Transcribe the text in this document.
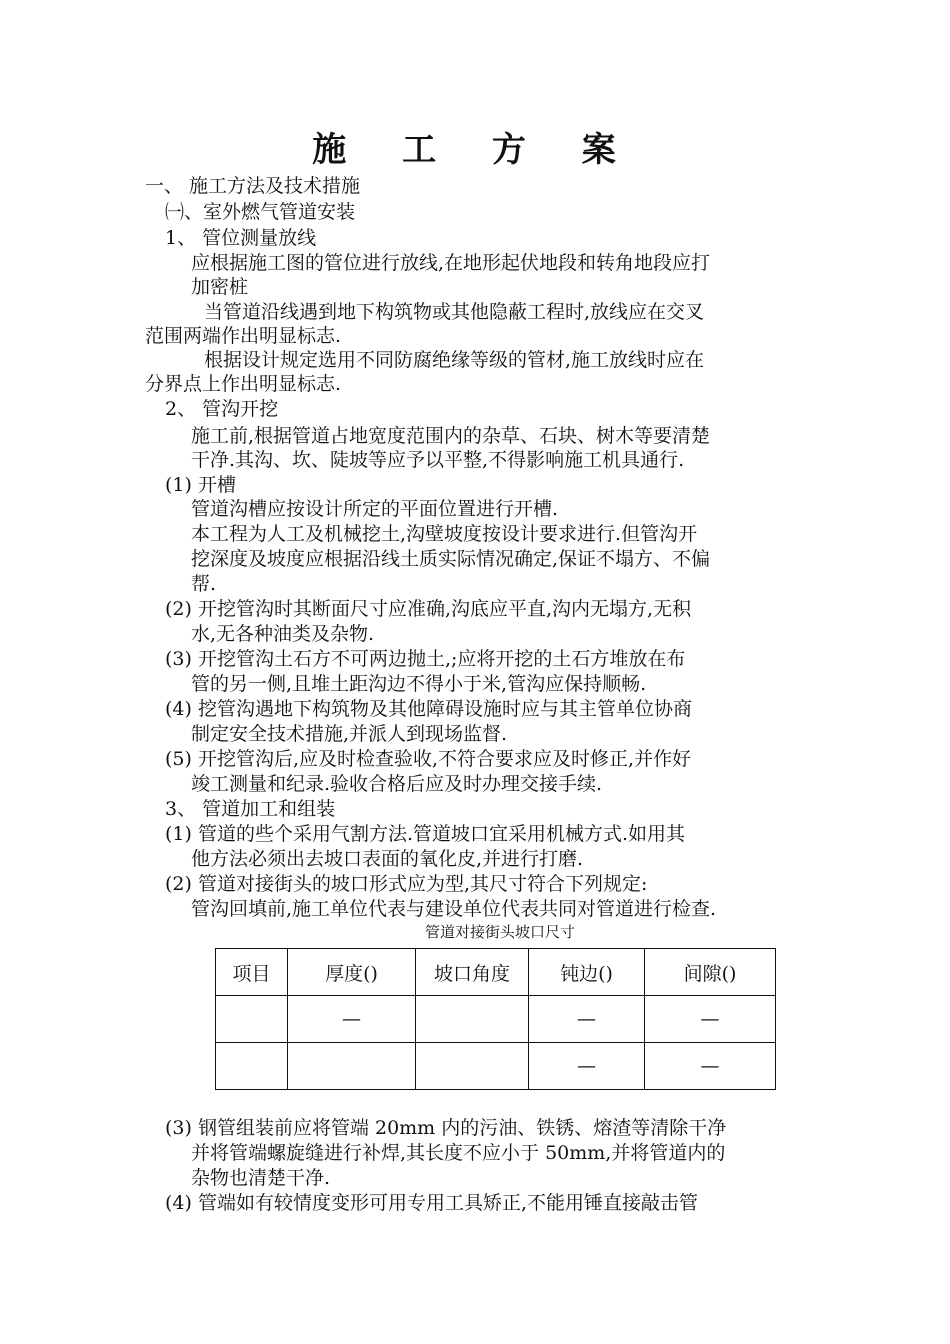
施 工 方 案
一、 施工方法及技术措施
㈠、室外燃气管道安装
1、 管位测量放线
应根据施工图的管位进行放线,在地形起伏地段和转角地段应打
加密桩
当管道沿线遇到地下构筑物或其他隐蔽工程时,放线应在交叉
范围两端作出明显标志.
根据设计规定选用不同防腐绝缘等级的管材,施工放线时应在
分界点上作出明显标志.
2、 管沟开挖
施工前,根据管道占地宽度范围内的杂草、石块、树木等要清楚
干净.其沟、坎、陡坡等应予以平整,不得影响施工机具通行.
(1) 开槽
管道沟槽应按设计所定的平面位置进行开槽.
本工程为人工及机械挖土,沟壁坡度按设计要求进行.但管沟开
挖深度及坡度应根据沿线土质实际情况确定,保证不塌方、不偏
帮.
(2) 开挖管沟时其断面尺寸应准确,沟底应平直,沟内无塌方,无积
水,无各种油类及杂物.
(3) 开挖管沟土石方不可两边抛土,;应将开挖的土石方堆放在布
管的另一侧,且堆土距沟边不得小于米,管沟应保持顺畅.
(4) 挖管沟遇地下构筑物及其他障碍设施时应与其主管单位协商
制定安全技术措施,并派人到现场监督.
(5) 开挖管沟后,应及时检查验收,不符合要求应及时修正,并作好
竣工测量和纪录.验收合格后应及时办理交接手续.
3、 管道加工和组装
(1) 管道的些个采用气割方法.管道坡口宜采用机械方式.如用其
他方法必须出去坡口表面的氧化皮,并进行打磨.
(2) 管道对接街头的坡口形式应为型,其尺寸符合下列规定:
管沟回填前,施工单位代表与建设单位代表共同对管道进行检查.
管道对接街头坡口尺寸
项目	厚度()	坡口角度	钝边()	间隙()
	—		—	—
			—	—
(3) 钢管组装前应将管端 20mm 内的污油、铁锈、熔渣等清除干净
并将管端螺旋缝进行补焊,其长度不应小于 50mm,并将管道内的
杂物也清楚干净.
(4) 管端如有较情度变形可用专用工具矫正,不能用锤直接敲击管
